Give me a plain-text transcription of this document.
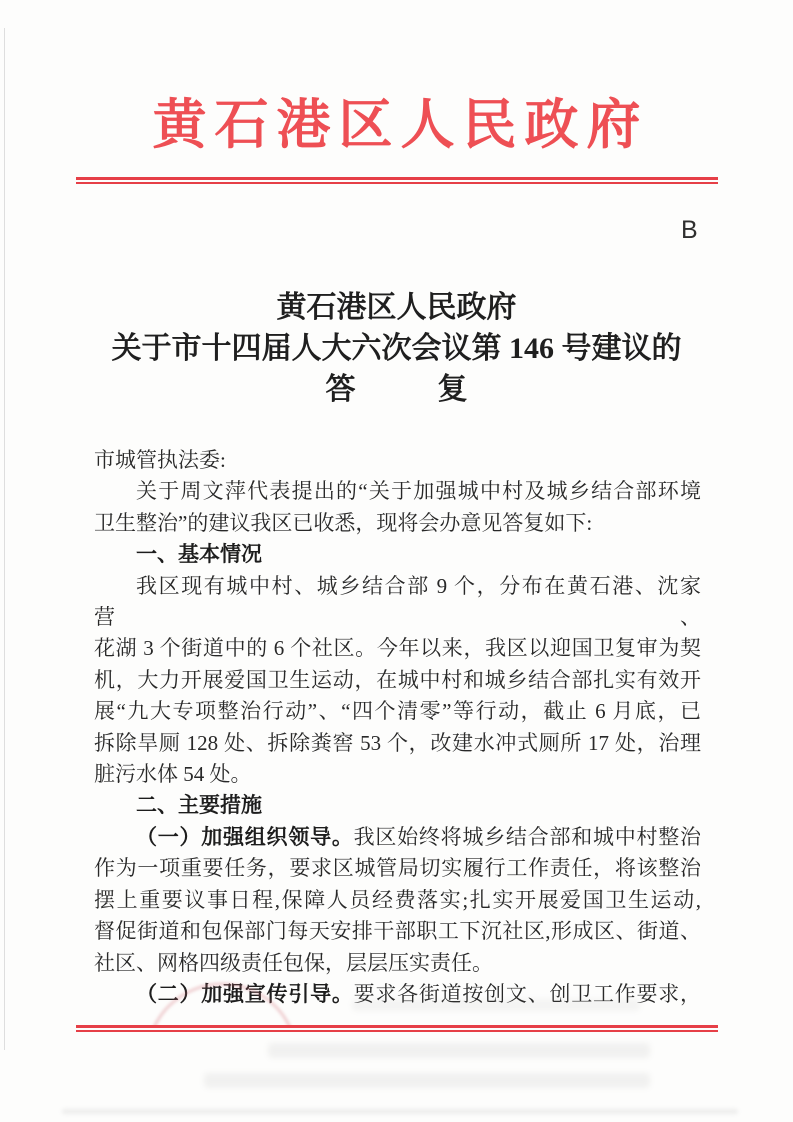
黄石港区人民政府
B
黄石港区人民政府
关于市十四届人大六次会议第 146 号建议的
答	复
市城管执法委:
关于周文萍代表提出的“关于加强城中村及城乡结合部环境
卫生整治”的建议我区已收悉，现将会办意见答复如下:
一、基本情况
我区现有城中村、城乡结合部 9 个，分布在黄石港、沈家营、
花湖 3 个街道中的 6 个社区。今年以来，我区以迎国卫复审为契
机，大力开展爱国卫生运动，在城中村和城乡结合部扎实有效开
展“九大专项整治行动”、“四个清零”等行动，截止 6 月底，已
拆除旱厕 128 处、拆除粪窖 53 个，改建水冲式厕所 17 处，治理
脏污水体 54 处。
二、主要措施
（一）加强组织领导。我区始终将城乡结合部和城中村整治
作为一项重要任务，要求区城管局切实履行工作责任，将该整治
摆上重要议事日程,保障人员经费落实;扎实开展爱国卫生运动,
督促街道和包保部门每天安排干部职工下沉社区,形成区、街道、
社区、网格四级责任包保，层层压实责任。
（二）加强宣传引导。要求各街道按创文、创卫工作要求，
